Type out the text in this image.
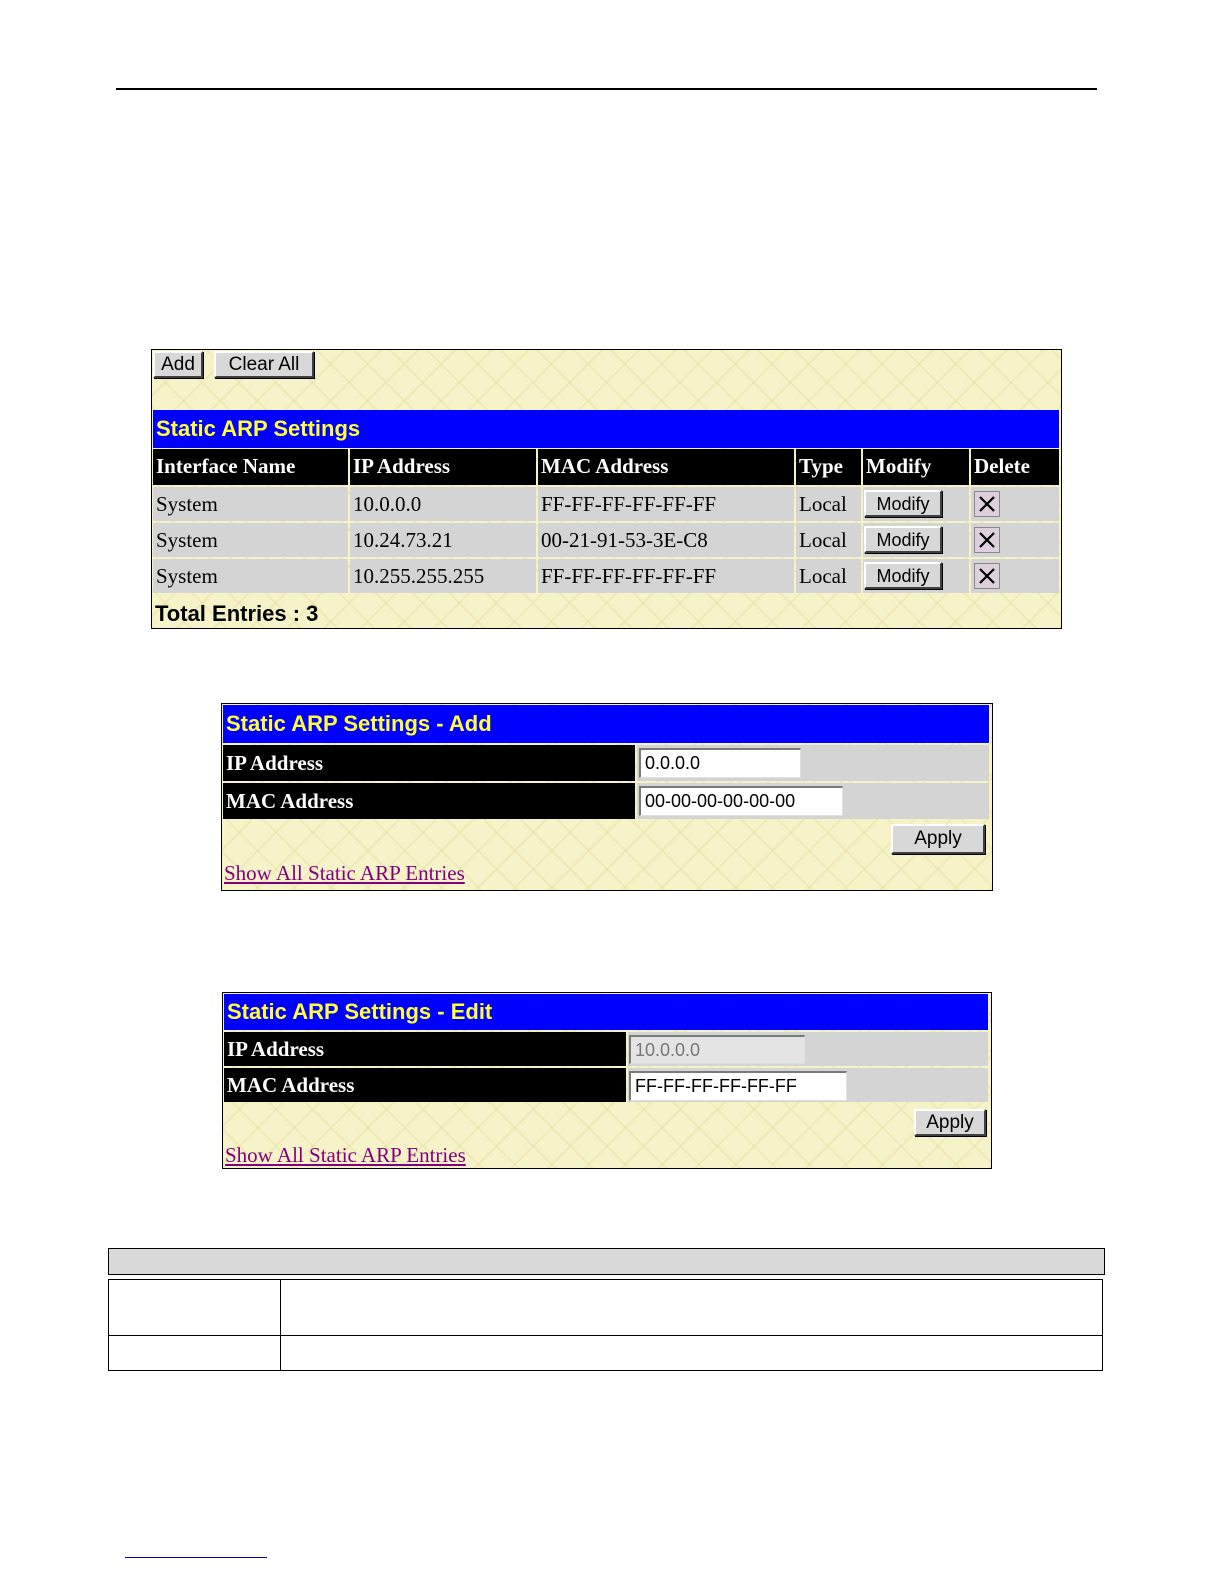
Add	Clear All
Static ARP Settings
Interface Name	IP Address	MAC Address	Type	Modify	Delete
System	10.0.0.0	FF-FF-FF-FF-FF-FF	Local	Modify
System	10.24.73.21	00-21-91-53-3E-C8	Local	Modify
System	10.255.255.255	FF-FF-FF-FF-FF-FF	Local	Modify
Total Entries : 3
Static ARP Settings - Add
IP Address	0.0.0.0
MAC Address	00-00-00-00-00-00
Apply
Show All Static ARP Entries
Static ARP Settings - Edit
IP Address	10.0.0.0
MAC Address	FF-FF-FF-FF-FF-FF
Apply
Show All Static ARP Entries
